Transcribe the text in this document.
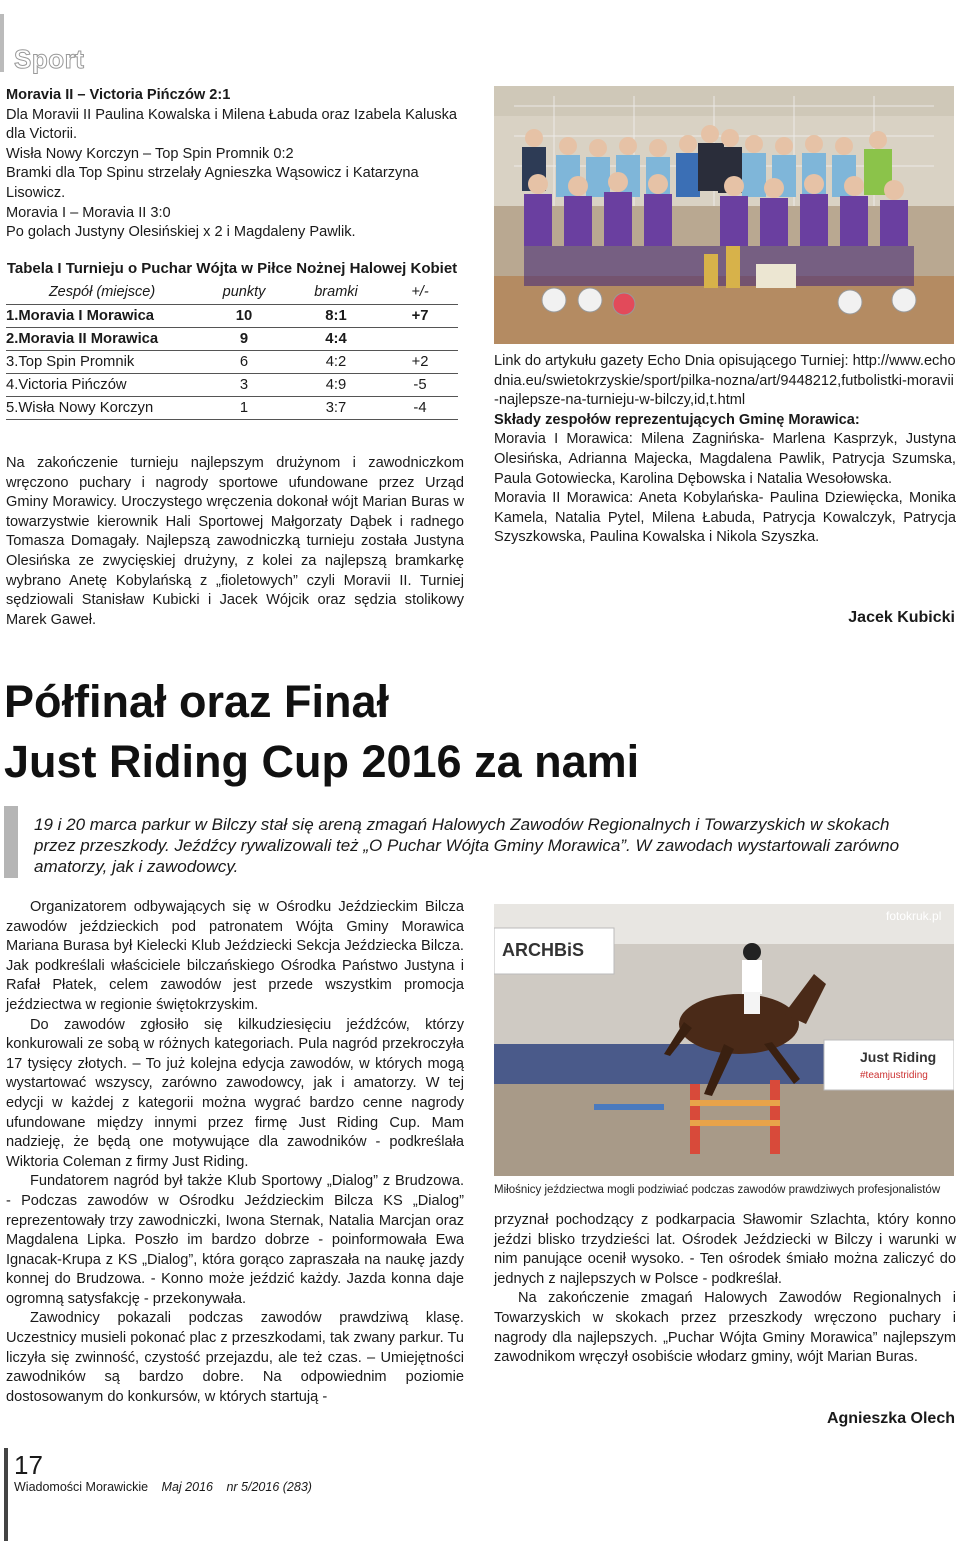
Sport

Moravia II – Victoria Pińczów 2:1

Dla Moravii II Paulina Kowalska i Milena Łabuda oraz Izabela Kaluska dla Victorii.

Wisła Nowy Korczyn – Top Spin Promnik 0:2

Bramki dla Top Spinu strzelały Agnieszka Wąsowicz i Katarzyna Lisowicz.

Moravia I – Moravia II 3:0

Po golach Justyny Olesińskiej x 2 i Magdaleny Pawlik.

Tabela I Turnieju o Puchar Wójta w Piłce Nożnej Halowej Kobiet
Zespół (miejsce)	punkty	bramki	+/-
1.Moravia I Morawica	10	8:1	+7
2.Moravia II Morawica	9	4:4	
3.Top Spin Promnik	6	4:2	+2
4.Victoria Pińczów	3	4:9	-5
5.Wisła Nowy Korczyn	1	3:7	-4
Na zakończenie turnieju najlepszym drużynom i zawodniczkom wręczono puchary i nagrody sportowe ufundowane przez Urząd Gminy Morawicy. Uroczystego wręczenia dokonał wójt Marian Buras w towarzystwie kierownik Hali Sportowej Małgorzaty Dąbek i radnego Tomasza Domagały. Najlepszą zawodniczką turnieju została Justyna Olesińska ze zwycięskiej drużyny, z kolei za najlepszą bramkarkę wybrano Anetę Kobylańską z „fioletowych” czyli Moravii II. Turniej sędziowali Stanisław Kubicki i Jacek Wójcik oraz sędzia stolikowy Marek Gaweł.

Link do artykułu gazety Echo Dnia opisującego Turniej: http://www.echodnia.eu/swietokrzyskie/sport/pilka-nozna/art/9448212,futbolistki-moravii-najlepsze-na-turnieju-w-bilczy,id,t.html

Składy zespołów reprezentujących Gminę Morawica:

Moravia I Morawica: Milena Zagnińska- Marlena Kasprzyk, Justyna Olesińska, Adrianna Majecka, Magdalena Pawlik, Patrycja Szumska, Paula Gotowiecka, Karolina Dębowska i Natalia Wesołowska.

Moravia II Morawica: Aneta Kobylańska- Paulina Dziewięcka, Monika Kamela, Natalia Pytel, Milena Łabuda, Patrycja Kowalczyk, Patrycja Szyszkowska, Paulina Kowalska i Nikola Szyszka.

Jacek Kubicki
Półfinał oraz Finał
Just Riding Cup 2016 za nami
19 i 20 marca parkur w Bilczy stał się areną zmagań Halowych Zawodów Regionalnych i Towarzyskich w skokach przez przeszkody. Jeźdźcy rywalizowali też „O Puchar Wójta Gminy Morawica”. W zawodach wystartowali zarówno amatorzy, jak i zawodowcy.

Organizatorem odbywających się w Ośrodku Jeździeckim Bilcza zawodów jeździeckich pod patronatem Wójta Gminy Morawica Mariana Burasa był Kielecki Klub Jeździecki Sekcja Jeździecka Bilcza. Jak podkreślali właściciele bilczańskiego Ośrodka Państwo Justyna i Rafał Płatek, celem zawodów jest przede wszystkim promocja jeździectwa w regionie świętokrzyskim.

Do zawodów zgłosiło się kilkudziesięciu jeźdźców, którzy konkurowali ze sobą w różnych kategoriach. Pula nagród przekroczyła 17 tysięcy złotych. – To już kolejna edycja zawodów, w których mogą wystartować wszyscy, zarówno zawodowcy, jak i amatorzy. W tej edycji w każdej z kategorii można wygrać bardzo cenne nagrody ufundowane między innymi przez firmę Just Riding Cup. Mam nadzieję, że będą one motywujące dla zawodników - podkreślała Wiktoria Coleman z firmy Just Riding.

Fundatorem nagród był także Klub Sportowy „Dialog” z Brudzowa. - Podczas zawodów w Ośrodku Jeździeckim Bilcza KS „Dialog” reprezentowały trzy zawodniczki, Iwona Sternak, Natalia Marcjan oraz Magdalena Lipka. Poszło im bardzo dobrze - poinformowała Ewa Ignacak-Krupa z KS „Dialog”, która gorąco zapraszała na naukę jazdy konnej do Brudzowa. - Konno może jeździć każdy. Jazda konna daje ogromną satysfakcję - przekonywała.

Zawodnicy pokazali podczas zawodów prawdziwą klasę. Uczestnicy musieli pokonać plac z przeszkodami, tak zwany parkur. Tu liczyła się zwinność, czystość przejazdu, ale też czas. – Umiejętności zawodników są bardzo dobre. Na odpowiednim poziomie dostosowanym do konkursów, w których startują -

ARCHBiS
Just Riding
#teamjustriding
fotokruk.pl
Miłośnicy jeździectwa mogli podziwiać podczas zawodów prawdziwych profesjonalistów

przyznał pochodzący z podkarpacia Sławomir Szlachta, który konno jeździ blisko trzydzieści lat. Ośrodek Jeździecki w Bilczy i warunki w nim panujące ocenił wysoko. - Ten ośrodek śmiało można zaliczyć do jednych z najlepszych w Polsce - podkreślał.

Na zakończenie zmagań Halowych Zawodów Regionalnych i Towarzyskich w skokach przez przeszkody wręczono puchary i nagrody dla najlepszych. „Puchar Wójta Gminy Morawica” najlepszym zawodnikom wręczył osobiście włodarz gminy, wójt Marian Buras.

Agnieszka Olech
17
Wiadomości Morawickie Maj 2016 nr 5/2016 (283)
